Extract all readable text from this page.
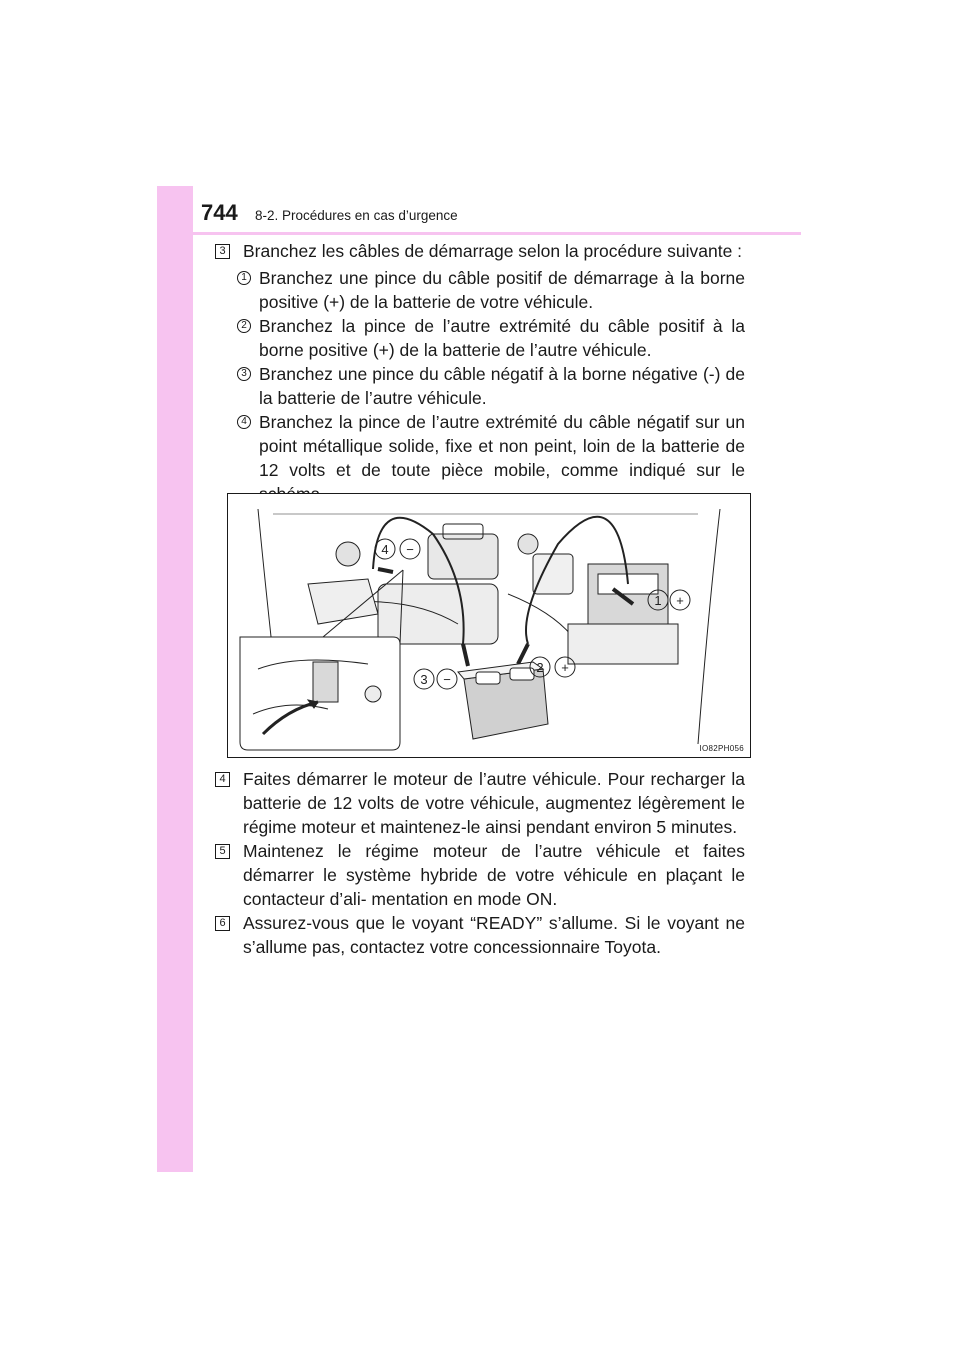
744 8-2. Procédures en cas d’urgence
3 Branchez les câbles de démarrage selon la procédure suivante :
1 Branchez une pince du câble positif de démarrage à la borne positive (+) de la batterie de votre véhicule.
2 Branchez la pince de l’autre extrémité du câble positif à la borne positive (+) de la batterie de l’autre véhicule.
3 Branchez une pince du câble négatif à la borne négative (-) de la batterie de l’autre véhicule.
4 Branchez la pince de l’autre extrémité du câble négatif sur un point métallique solide, fixe et non peint, loin de la batterie de 12 volts et de toute pièce mobile, comme indiqué sur le
4 −
1 +
2 +
3 −
IO82PH056
4 Faites démarrer le moteur de l’autre véhicule. Pour recharger la batterie de 12 volts de votre véhicule, augmentez légèrement le régime moteur et maintenez-le ainsi pendant environ 5 minutes.
5 Maintenez le régime moteur de l’autre véhicule et faites démarrer le système hybride de votre véhicule en plaçant le contacteur d’ali- mentation en mode ON.
6 Assurez-vous que le voyant “READY” s’allume. Si le voyant ne s’allume pas, contactez votre concessionnaire Toyota.
